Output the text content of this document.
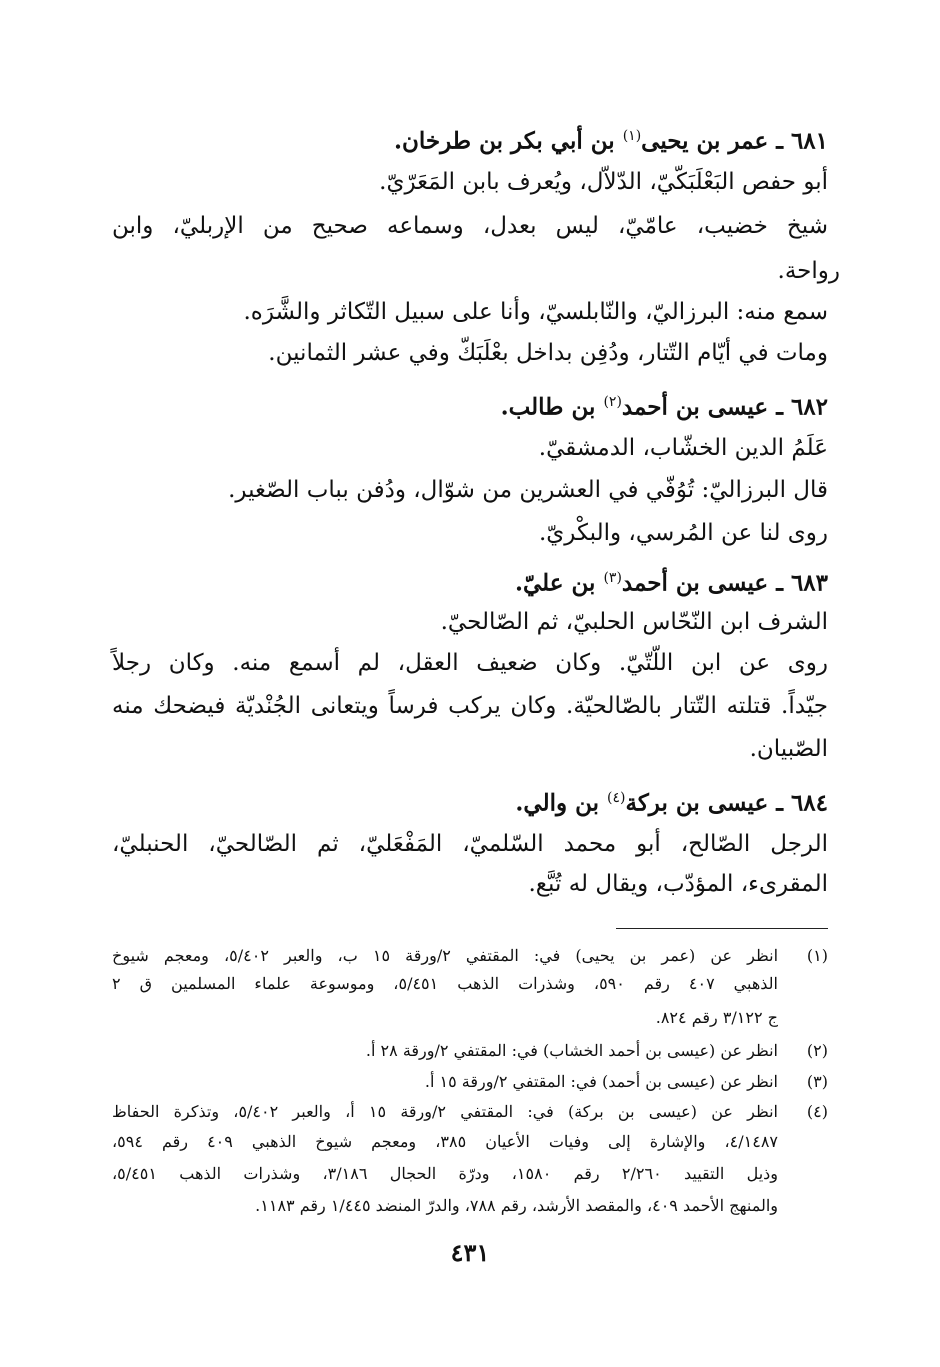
٦٨١ ـ عمر بن يحيى$^{(١)}$ بن أبي بكر بن طرخان.
أبو حفص البَعْلَبَكّيّ، الدّلاّل، ويُعرف بابن المَعَرّيّ.
شيخ خضيب، عامّيّ، ليس بعدل، وسماعه صحيح من الإربليّ، وابن
رواحة.
سمع منه: البرزاليّ، والنّابلسيّ، وأنا على سبيل التّكاثر والشَّرَه.
ومات في أيّام التّتار، ودُفِن بداخل بعْلَبَكّ وفي عشر الثمانين.
٦٨٢ ـ عيسى بن أحمد$^{(٢)}$ بن طالب.
عَلَمُ الدين الخشّاب، الدمشقيّ.
قال البرزاليّ: تُوُفّي في العشرين من شوّال، ودُفن بباب الصّغير.
روى لنا عن المُرسي، والبكْريّ.
٦٨٣ ـ عيسى بن أحمد$^{(٣)}$ بن عليّ.
الشرف ابن النّحّاس الحلبيّ، ثم الصّالحيّ.
روى عن ابن اللّتّيّ. وكان ضعيف العقل، لم أسمع منه. وكان رجلاً
جيّداً. قتلته التّتار بالصّالحيّة. وكان يركب فرساً ويتعانى الجُنْديّة فيضحك منه
الصّبيان.
٦٨٤ ـ عيسى بن بركة$^{(٤)}$ بن والي.
الرجل الصّالح، أبو محمد السّلميّ، المَفْعَليّ، ثم الصّالحيّ، الحنبليّ،
المقرىء، المؤدّب، ويقال له تُبَّع.
(١)
انظر عن (عمر بن يحيى) في: المقتفي ٢/ورقة ١٥ ب، والعبر ٥/٤٠٢، ومعجم شيوخ
الذهبي ٤٠٧ رقم ٥٩٠، وشذرات الذهب ٥/٤٥١، وموسوعة علماء المسلمين ق ٢
ج ٣/١٢٢ رقم ٨٢٤.
(٢)
انظر عن (عيسى بن أحمد الخشاب) في: المقتفي ٢/ورقة ٢٨ أ.
(٣)
انظر عن (عيسى بن أحمد) في: المقتفي ٢/ورقة ١٥ أ.
(٤)
انظر عن (عيسى بن بركة) في: المقتفي ٢/ورقة ١٥ أ، والعبر ٥/٤٠٢، وتذكرة الحفاظ
٤/١٤٨٧، والإشارة إلى وفيات الأعيان ٣٨٥، ومعجم شيوخ الذهبي ٤٠٩ رقم ٥٩٤،
وذيل التقييد ٢/٢٦٠ رقم ١٥٨٠، ودرّة الحجال ٣/١٨٦، وشذرات الذهب ٥/٤٥١،
والمنهج الأحمد ٤٠٩، والمقصد الأرشد، رقم ٧٨٨، والدرّ المنضد ١/٤٤٥ رقم ١١٨٣.
٤٣١
